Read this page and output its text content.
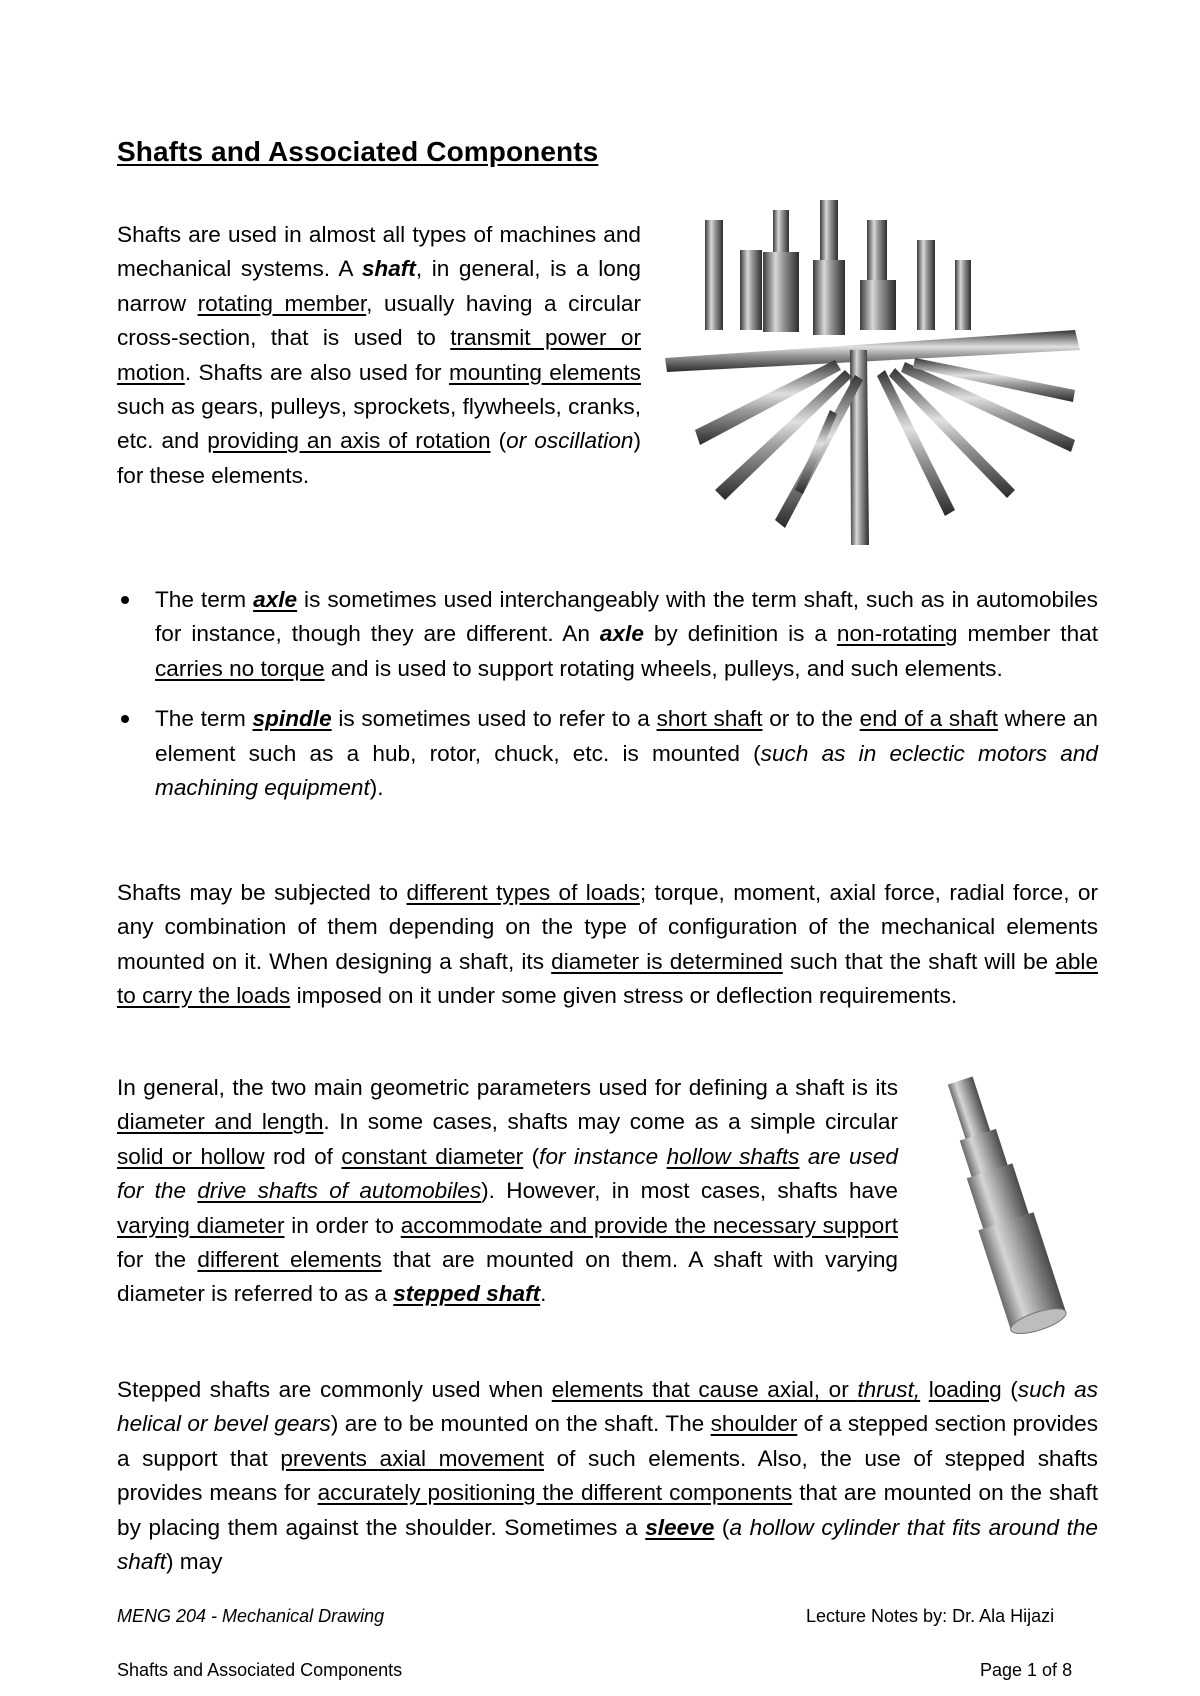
Shafts and Associated Components

Shafts are used in almost all types of machines and mechanical systems. A shaft, in general, is a long narrow rotating member, usually having a circular cross-section, that is used to transmit power or motion. Shafts are also used for mounting elements such as gears, pulleys, sprockets, flywheels, cranks, etc. and providing an axis of rotation (or oscillation) for these elements.

The term axle is sometimes used interchangeably with the term shaft, such as in automobiles for instance, though they are different. An axle by definition is a non-rotating member that carries no torque and is used to support rotating wheels, pulleys, and such elements.
The term spindle is sometimes used to refer to a short shaft or to the end of a shaft where an element such as a hub, rotor, chuck, etc. is mounted (such as in eclectic motors and machining equipment).

Shafts may be subjected to different types of loads; torque, moment, axial force, radial force, or any combination of them depending on the type of configuration of the mechanical elements mounted on it. When designing a shaft, its diameter is determined such that the shaft will be able to carry the loads imposed on it under some given stress or deflection requirements.

In general, the two main geometric parameters used for defining a shaft is its diameter and length. In some cases, shafts may come as a simple circular solid or hollow rod of constant diameter (for instance hollow shafts are used for the drive shafts of automobiles). However, in most cases, shafts have varying diameter in order to accommodate and provide the necessary support for the different elements that are mounted on them. A shaft with varying diameter is referred to as a stepped shaft.

Stepped shafts are commonly used when elements that cause axial, or thrust, loading (such as helical or bevel gears) are to be mounted on the shaft. The shoulder of a stepped section provides a support that prevents axial movement of such elements. Also, the use of stepped shafts provides means for accurately positioning the different components that are mounted on the shaft by placing them against the shoulder. Sometimes a sleeve (a hollow cylinder that fits around the shaft) may

MENG 204 - Mechanical Drawing	Lecture Notes by: Dr. Ala Hijazi
Shafts and Associated Components	Page 1 of 8
